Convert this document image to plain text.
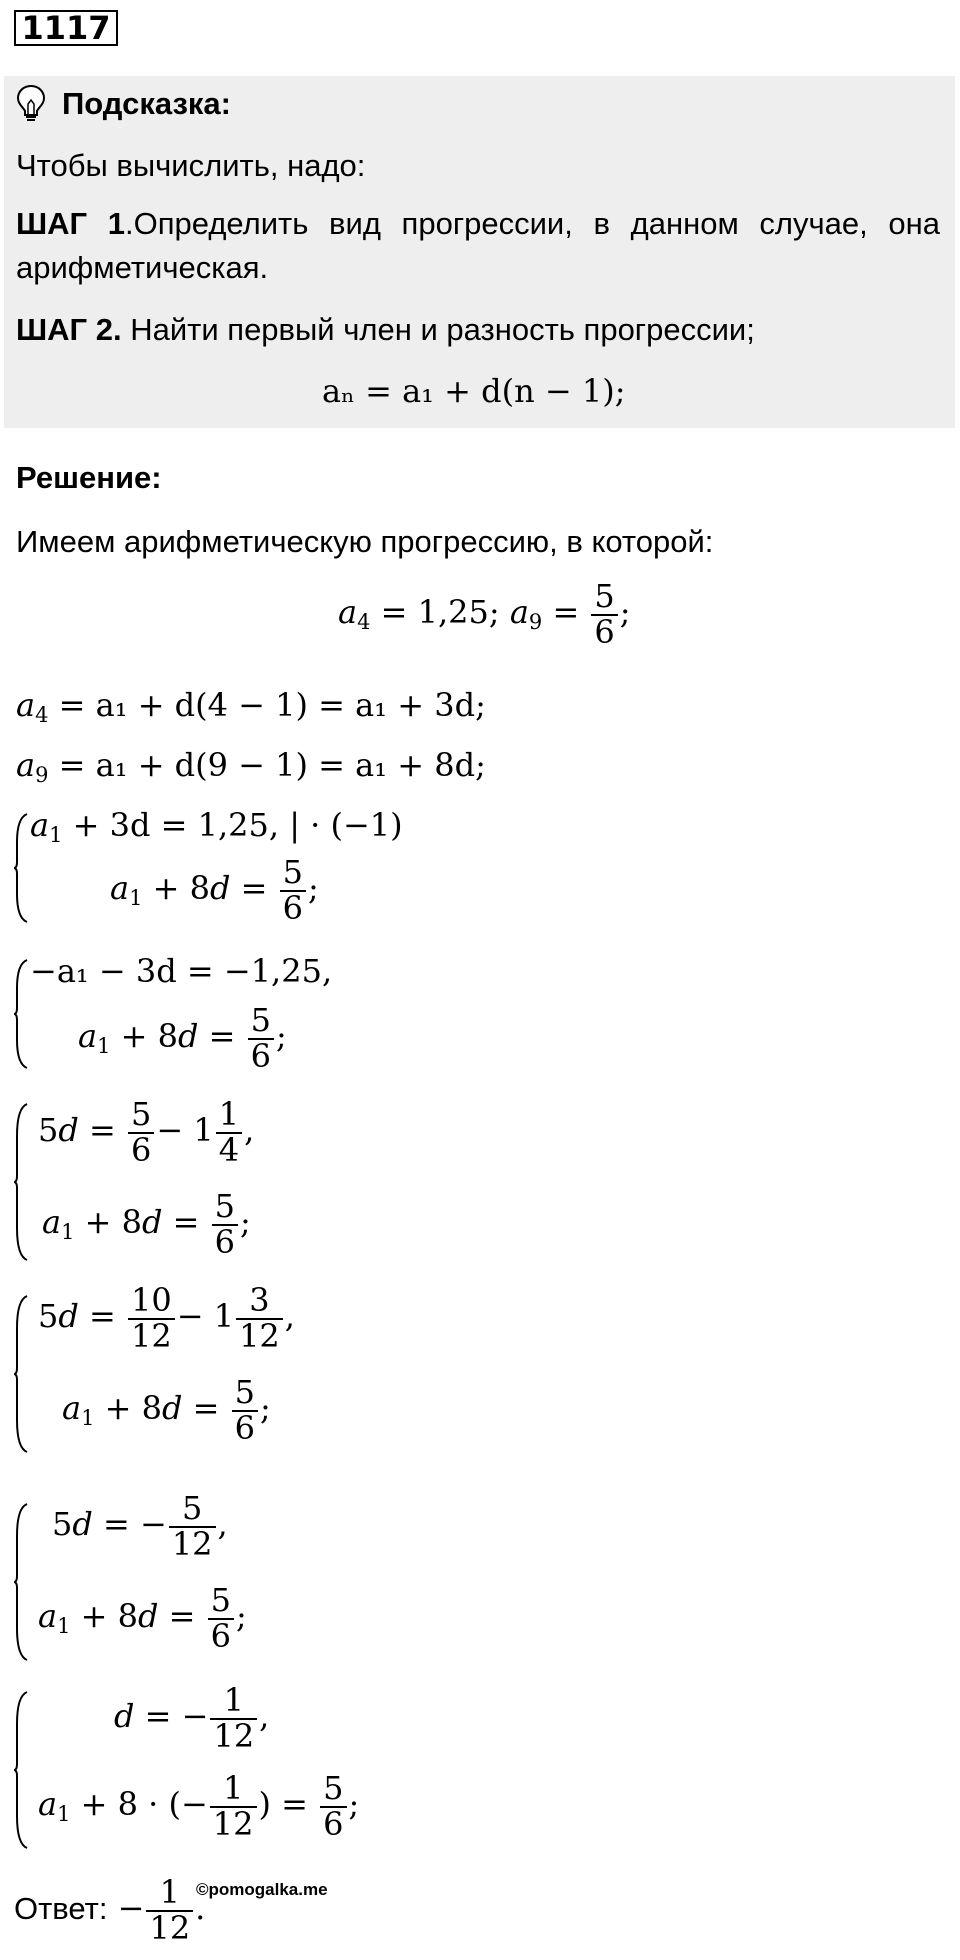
1117
Подсказка:
Чтобы вычислить, надо:
ШАГ 1.Определить вид прогрессии, в данном случае, она
арифметическая.
ШАГ 2. Найти первый член и разность прогрессии;
aₙ = a₁ + d(n − 1);
Решение:
Имеем арифметическую прогрессию, в которой:
$a_4 = 1,25$; $a_9 = \frac{5}{6}$ ;
$a_4 = a_1 + d(4 - 1) = a_1 + 3d$;
$a_9 = a_1 + d(9 - 1) = a_1 + 8d$;
$a_1 + 3d = 1,25$, | · (−1)
$a_1 + 8d = \frac{5}{6}$ ;
−a₁ − 3d = −1,25,
$a_1 + 8d = \frac{5}{6}$ ;
$5d = \frac{5}{6} - 1 \frac{1}{4}$ ,
$a_1 + 8d = \frac{5}{6}$ ;
$5d = \frac{10}{12} - 1 \frac{3}{12}$ ,
$a_1 + 8d = \frac{5}{6}$ ;
5d = − $\frac{5}{12}$ ,
$a_1 + 8d = \frac{5}{6}$ ;
d = − $\frac{1}{12}$ ,
$a_1 + 8$ · (− $\frac{1}{12}$ ) = $\frac{5}{6}$ ;
Ответ: − $\frac{1}{12}$ .
©pomogalka.me
